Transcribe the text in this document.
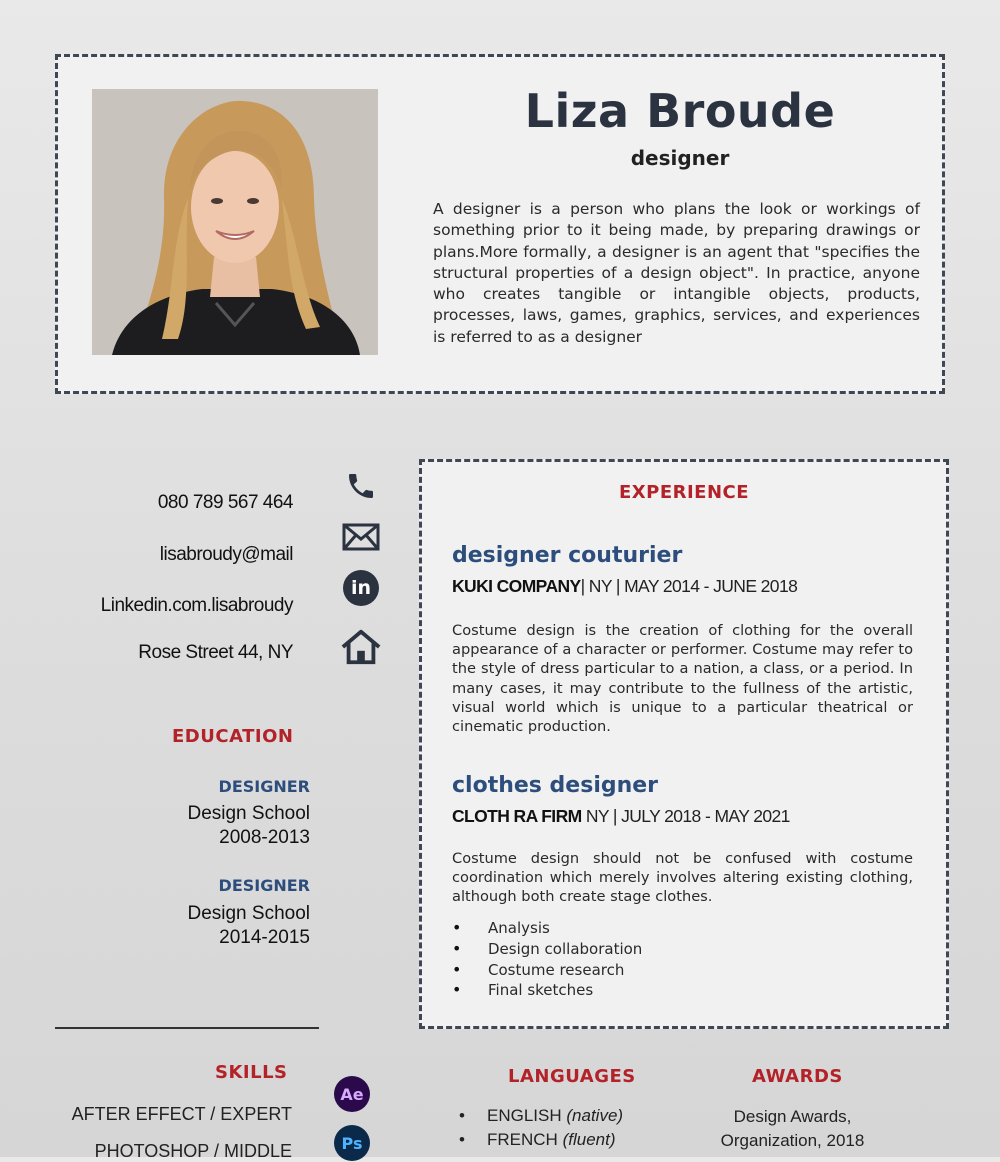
Liza Broude
designer
A designer is a person who plans the look or workings of something prior to it being made, by preparing drawings or plans.More formally, a designer is an agent that "specifies the structural properties of a design object". In practice, anyone who creates tangible or intangible objects, products, processes, laws, games, graphics, services, and experiences is referred to as a designer
080 789 567 464
lisabroudy@mail
Linkedin.com.lisabroudy
Rose Street 44, NY
in
EDUCATION
DESIGNER
Design School
2008-2013
DESIGNER
Design School
2014-2015
EXPERIENCE
designer couturier
KUKI COMPANY| NY | MAY 2014 - JUNE 2018
Costume design is the creation of clothing for the overall appearance of a character or performer. Costume may refer to the style of dress particular to a nation, a class, or a period. In many cases, it may contribute to the fullness of the artistic, visual world which is unique to a particular theatrical or cinematic production.
clothes designer
CLOTH RA FIRM NY | JULY 2018 - MAY 2021
Costume design should not be confused with costume coordination which merely involves altering existing clothing, although both create stage clothes.
• Analysis
• Design collaboration
• Costume research
• Final sketches
SKILLS
AFTER EFFECT / EXPERT
PHOTOSHOP / MIDDLE
Ae
Ps
LANGUAGES
• ENGLISH (native)
• FRENCH (fluent)
AWARDS
Design Awards,
Organization, 2018
